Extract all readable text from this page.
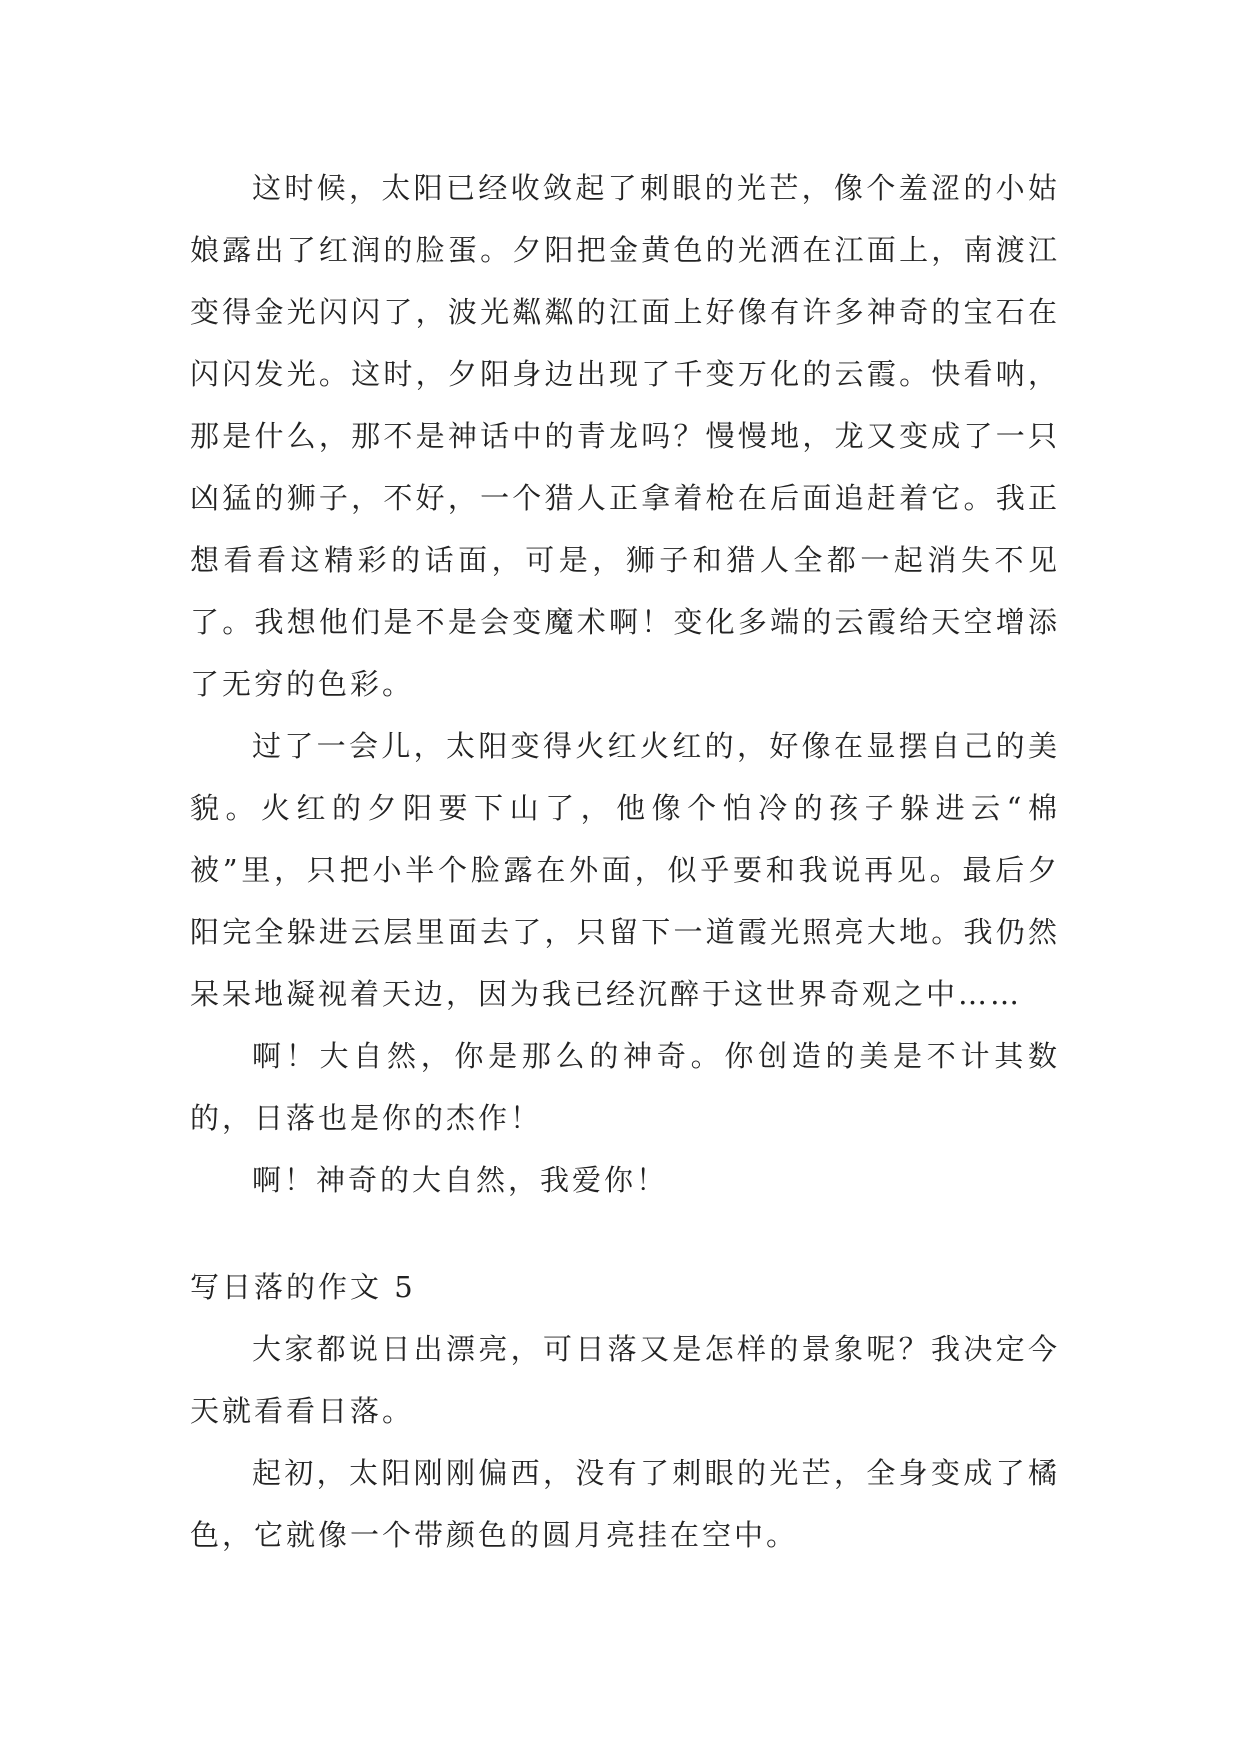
这时候，太阳已经收敛起了刺眼的光芒，像个羞涩的小姑娘露出了红润的脸蛋。夕阳把金黄色的光洒在江面上，南渡江变得金光闪闪了，波光粼粼的江面上好像有许多神奇的宝石在闪闪发光。这时，夕阳身边出现了千变万化的云霞。快看呐，那是什么，那不是神话中的青龙吗？慢慢地，龙又变成了一只凶猛的狮子，不好，一个猎人正拿着枪在后面追赶着它。我正想看看这精彩的话面，可是，狮子和猎人全都一起消失不见了。我想他们是不是会变魔术啊！变化多端的云霞给天空增添了无穷的色彩。

过了一会儿，太阳变得火红火红的，好像在显摆自己的美貌。火红的夕阳要下山了，他像个怕冷的孩子躲进云“棉被”里，只把小半个脸露在外面，似乎要和我说再见。最后夕阳完全躲进云层里面去了，只留下一道霞光照亮大地。我仍然呆呆地凝视着天边，因为我已经沉醉于这世界奇观之中……

啊！大自然，你是那么的神奇。你创造的美是不计其数的，日落也是你的杰作！

啊！神奇的大自然，我爱你！

写日落的作文 5

大家都说日出漂亮，可日落又是怎样的景象呢？我决定今天就看看日落。

起初，太阳刚刚偏西，没有了刺眼的光芒，全身变成了橘色，它就像一个带颜色的圆月亮挂在空中。
